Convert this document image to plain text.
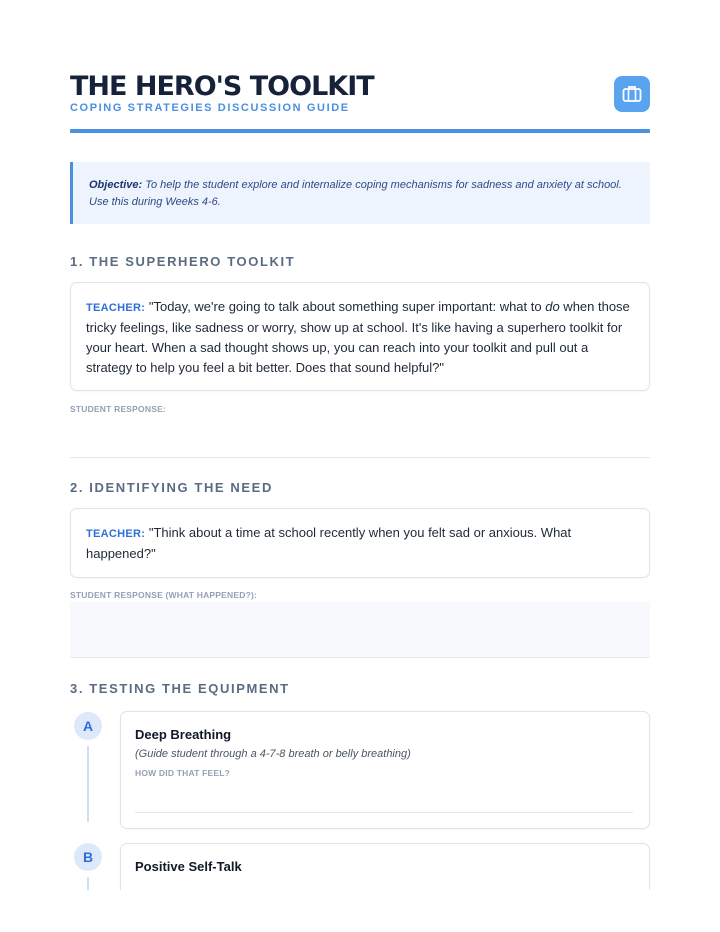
THE HERO'S TOOLKIT
COPING STRATEGIES DISCUSSION GUIDE
Objective: To help the student explore and internalize coping mechanisms for sadness and anxiety at school. Use this during Weeks 4-6.
1. THE SUPERHERO TOOLKIT
TEACHER: "Today, we're going to talk about something super important: what to do when those tricky feelings, like sadness or worry, show up at school. It's like having a superhero toolkit for your heart. When a sad thought shows up, you can reach into your toolkit and pull out a strategy to help you feel a bit better. Does that sound helpful?"
STUDENT RESPONSE:
2. IDENTIFYING THE NEED
TEACHER: "Think about a time at school recently when you felt sad or anxious. What happened?"
STUDENT RESPONSE (WHAT HAPPENED?):
3. TESTING THE EQUIPMENT
A
Deep Breathing
(Guide student through a 4-7-8 breath or belly breathing)
HOW DID THAT FEEL?
B
Positive Self-Talk
